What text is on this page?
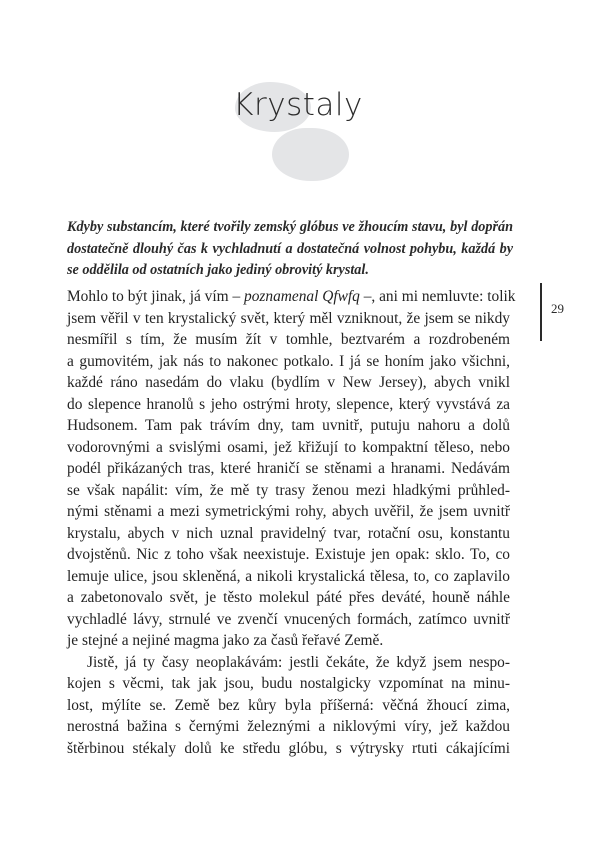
Krystaly

Kdyby substancím, které tvořily zemský glóbus ve žhoucím stavu, byl dopřán
dostatečně dlouhý čas k vychladnutí a dostatečná volnost pohybu, každá by
se oddělila od ostatních jako jediný obrovitý krystal.

Mohlo to být jinak, já vím – poznamenal Qfwfq –, ani mi nemluvte: tolik
jsem věřil v ten krystalický svět, který měl vzniknout, že jsem se nikdy
nesmířil s tím, že musím žít v tomhle, beztvarém a rozdrobeném
a gumovitém, jak nás to nakonec potkalo. I já se honím jako všichni,
každé ráno nasedám do vlaku (bydlím v New Jersey), abych vnikl
do slepence hranolů s jeho ostrými hroty, slepence, který vyvstává za
Hudsonem. Tam pak trávím dny, tam uvnitř, putuju nahoru a dolů
vodorovnými a svislými osami, jež křižují to kompaktní těleso, nebo
podél přikázaných tras, které hraničí se stěnami a hranami. Nedávám
se však napálit: vím, že mě ty trasy ženou mezi hladkými průhled-
nými stěnami a mezi symetrickými rohy, abych uvěřil, že jsem uvnitř
krystalu, abych v nich uznal pravidelný tvar, rotační osu, konstantu
dvojstěnů. Nic z toho však neexistuje. Existuje jen opak: sklo. To, co
lemuje ulice, jsou skleněná, a nikoli krystalická tělesa, to, co zaplavilo
a zabetonovalo svět, je těsto molekul páté přes deváté, houně náhle
vychladlé lávy, strnulé ve zvenčí vnucených formách, zatímco uvnitř
je stejné a nejiné magma jako za časů řeřavé Země.
Jistě, já ty časy neoplakávám: jestli čekáte, že když jsem nespo-
kojen s věcmi, tak jak jsou, budu nostalgicky vzpomínat na minu-
lost, mýlíte se. Země bez kůry byla příšerná: věčná žhoucí zima,
nerostná bažina s černými železnými a niklovými víry, jež každou
štěrbinou stékaly dolů ke středu glóbu, s výtrysky rtuti cákajícími

29
